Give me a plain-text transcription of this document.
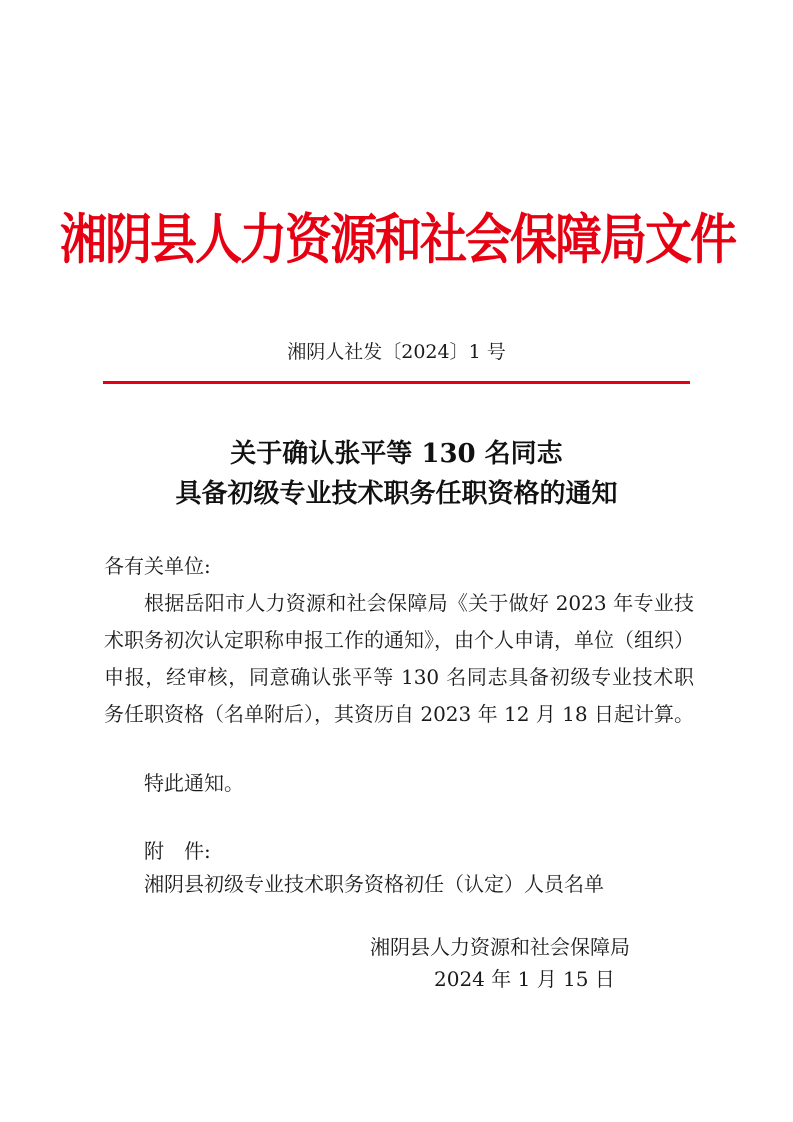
湘阴县人力资源和社会保障局文件
湘阴人社发〔2024〕1 号
关于确认张平等 130 名同志
具备初级专业技术职务任职资格的通知
各有关单位:
根据岳阳市人力资源和社会保障局《关于做好 2023 年专业技术职务初次认定职称申报工作的通知》，由个人申请，单位（组织）申报，经审核，同意确认张平等 130 名同志具备初级专业技术职务任职资格（名单附后），其资历自 2023 年 12 月 18 日起计算。
特此通知。
附　件:
湘阴县初级专业技术职务资格初任（认定）人员名单
湘阴县人力资源和社会保障局
2024 年 1 月 15 日
